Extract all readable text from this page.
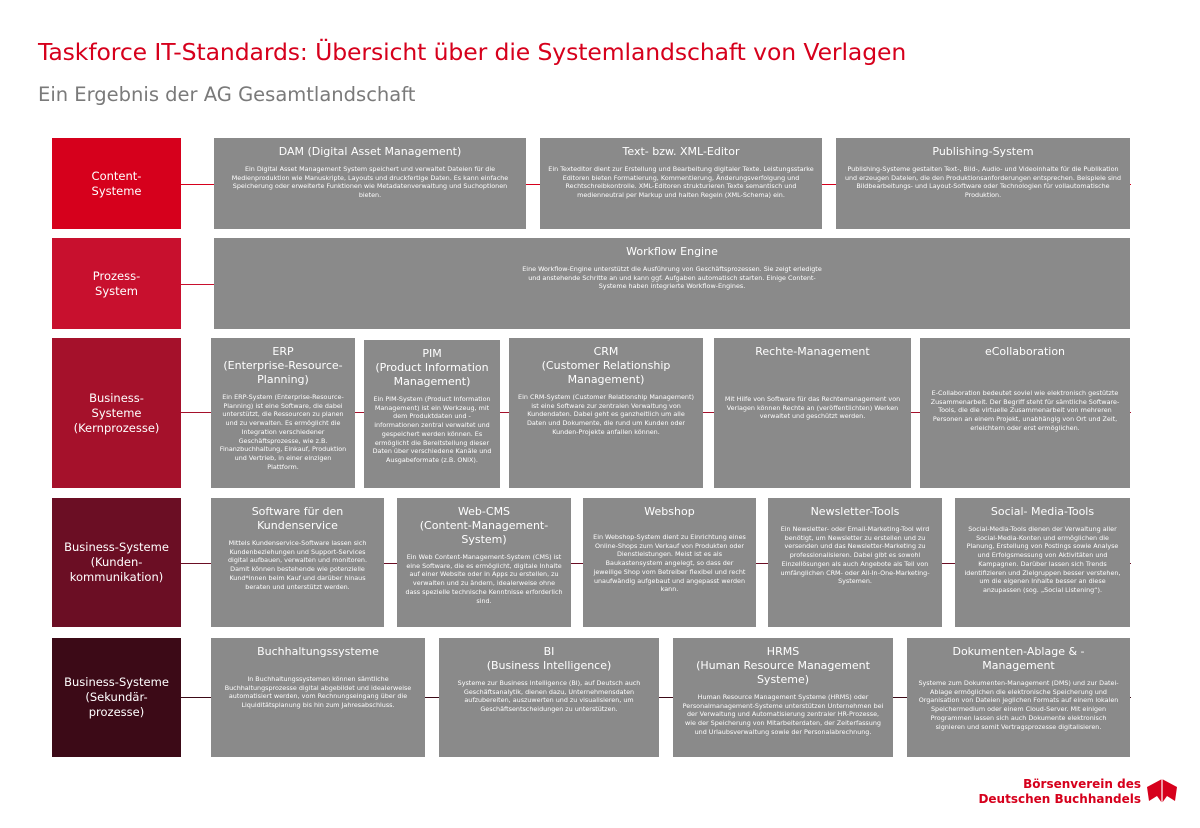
Taskforce IT-Standards: Übersicht über die Systemlandschaft von Verlagen
Ein Ergebnis der AG Gesamtlandschaft
Content-
Systeme
DAM (Digital Asset Management)
Ein Digital Asset Management System speichert und verwaltet Dateien für die Medienproduktion wie Manuskripte, Layouts und druckfertige Daten. Es kann einfache Speicherung oder erweiterte Funktionen wie Metadatenverwaltung und Suchoptionen bieten.
Text- bzw. XML-Editor
Ein Texteditor dient zur Erstellung und Bearbeitung digitaler Texte. Leistungsstarke Editoren bieten Formatierung, Kommentierung, Änderungsverfolgung und Rechtschreibkontrolle. XML-Editoren strukturieren Texte semantisch und medienneutral per Markup und halten Regeln (XML-Schema) ein.
Publishing-System
Publishing-Systeme gestalten Text-, Bild-, Audio- und Videoinhalte für die Publikation und erzeugen Dateien, die den Produktionsanforderungen entsprechen. Beispiele sind Bildbearbeitungs- und Layout-Software oder Technologien für vollautomatische Produktion.
Prozess-
System
Workflow Engine
Eine Workflow-Engine unterstützt die Ausführung von Geschäftsprozessen. Sie zeigt erledigte und anstehende Schritte an und kann ggf. Aufgaben automatisch starten. Einige Content-Systeme haben integrierte Workflow-Engines.
Business-
Systeme
(Kernprozesse)
ERP
(Enterprise-Resource-
Planning)
Ein ERP-System (Enterprise-Resource-Planning) ist eine Software, die dabei unterstützt, die Ressourcen zu planen und zu verwalten. Es ermöglicht die Integration verschiedener Geschäftsprozesse, wie z.B. Finanzbuchhaltung, Einkauf, Produktion und Vertrieb, in einer einzigen Plattform.
PIM
(Product Information
Management)
Ein PIM-System (Product Information Management) ist ein Werkzeug, mit dem Produktdaten und -informationen zentral verwaltet und gespeichert werden können. Es ermöglicht die Bereitstellung dieser Daten über verschiedene Kanäle und Ausgabeformate (z.B. ONIX).
CRM
(Customer Relationship
Management)
Ein CRM-System (Customer Relationship Management) ist eine Software zur zentralen Verwaltung von Kundendaten. Dabei geht es ganzheitlich um alle Daten und Dokumente, die rund um Kunden oder Kunden-Projekte anfallen können.
Rechte-Management
Mit Hilfe von Software für das Rechtemanagement von Verlagen können Rechte an (veröffentlichten) Werken verwaltet und geschützt werden.
eCollaboration
E-Collaboration bedeutet soviel wie elektronisch gestützte Zusammenarbeit. Der Begriff steht für sämtliche Software-Tools, die die virtuelle Zusammenarbeit von mehreren Personen an einem Projekt, unabhängig von Ort und Zeit, erleichtern oder erst ermöglichen.
Business-Systeme
(Kunden-
kommunikation)
Software für den
Kundenservice
Mittels Kundenservice-Software lassen sich Kundenbeziehungen und Support-Services digital aufbauen, verwalten und monitoren. Damit können bestehende wie potenzielle Kund*innen beim Kauf und darüber hinaus beraten und unterstützt werden.
Web-CMS
(Content-Management-System)
Ein Web Content-Management-System (CMS) ist eine Software, die es ermöglicht, digitale Inhalte auf einer Website oder in Apps zu erstellen, zu verwalten und zu ändern, idealerweise ohne dass spezielle technische Kenntnisse erforderlich sind.
Webshop
Ein Webshop-System dient zu Einrichtung eines Online-Shops zum Verkauf von Produkten oder Dienstleistungen. Meist ist es als Baukastensystem angelegt, so dass der jeweilige Shop vom Betreiber flexibel und recht unaufwändig aufgebaut und angepasst werden kann.
Newsletter-Tools
Ein Newsletter- oder Email-Marketing-Tool wird benötigt, um Newsletter zu erstellen und zu versenden und das Newsletter-Marketing zu professionalisieren. Dabei gibt es sowohl Einzellösungen als auch Angebote als Teil von umfänglichen CRM- oder All-In-One-Marketing-Systemen.
Social- Media-Tools
Social-Media-Tools dienen der Verwaltung aller Social-Media-Konten und ermöglichen die Planung, Erstellung von Postings sowie Analyse und Erfolgsmessung von Aktivitäten und Kampagnen. Darüber lassen sich Trends identifizieren und Zielgruppen besser verstehen, um die eigenen Inhalte besser an diese anzupassen (sog. „Social Listening“).
Business-Systeme
(Sekundär-
prozesse)
Buchhaltungssysteme
In Buchhaltungssystemen können sämtliche Buchhaltungsprozesse digital abgebildet und idealerweise automatisiert werden, vom Rechnungseingang über die Liquiditätsplanung bis hin zum Jahresabschluss.
BI
(Business Intelligence)
Systeme zur Business Intelligence (BI), auf Deutsch auch Geschäftsanalytik, dienen dazu, Unternehmensdaten aufzubereiten, auszuwerten und zu visualisieren, um Geschäftsentscheidungen zu unterstützen.
HRMS
(Human Resource Management Systeme)
Human Resource Management Systeme (HRMS) oder Personalmanagement-Systeme unterstützen Unternehmen bei der Verwaltung und Automatisierung zentraler HR-Prozesse, wie der Speicherung von Mitarbeiterdaten, der Zeiterfassung und Urlaubsverwaltung sowie der Personalabrechnung.
Dokumenten-Ablage & -
Management
Systeme zum Dokumenten-Management (DMS) und zur Datei-Ablage ermöglichen die elektronische Speicherung und Organisation von Dateien jeglichen Formats auf einem lokalen Speichermedium oder einem Cloud-Server. Mit einigen Programmen lassen sich auch Dokumente elektronisch signieren und somit Vertragsprozesse digitalisieren.
Börsenverein des
Deutschen Buchhandels
